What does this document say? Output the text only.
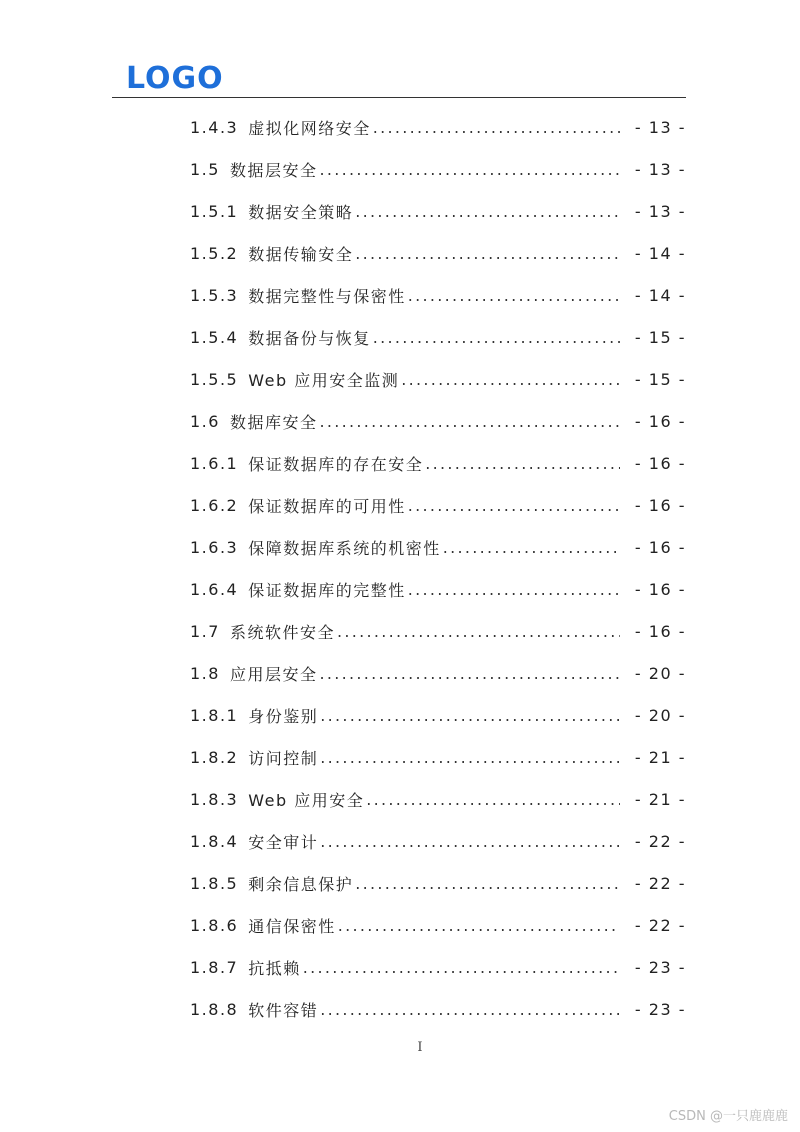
LOGO
1.4.3 虚拟化网络安全 .....	- 13 -
1.5 数据层安全 .....	- 13 -
1.5.1 数据安全策略 .....	- 13 -
1.5.2 数据传输安全 .....	- 14 -
1.5.3 数据完整性与保密性 .....	- 14 -
1.5.4 数据备份与恢复 .....	- 15 -
1.5.5 Web 应用安全监测 .....	- 15 -
1.6 数据库安全 .....	- 16 -
1.6.1 保证数据库的存在安全 .....	- 16 -
1.6.2 保证数据库的可用性 .....	- 16 -
1.6.3 保障数据库系统的机密性 .....	- 16 -
1.6.4 保证数据库的完整性 .....	- 16 -
1.7 系统软件安全 .....	- 16 -
1.8 应用层安全 .....	- 20 -
1.8.1 身份鉴别 .....	- 20 -
1.8.2 访问控制 .....	- 21 -
1.8.3 Web 应用安全 .....	- 21 -
1.8.4 安全审计 .....	- 22 -
1.8.5 剩余信息保护 .....	- 22 -
1.8.6 通信保密性 .....	- 22 -
1.8.7 抗抵赖 .....	- 23 -
1.8.8 软件容错 .....	- 23 -
I
CSDN @一只鹿鹿鹿
